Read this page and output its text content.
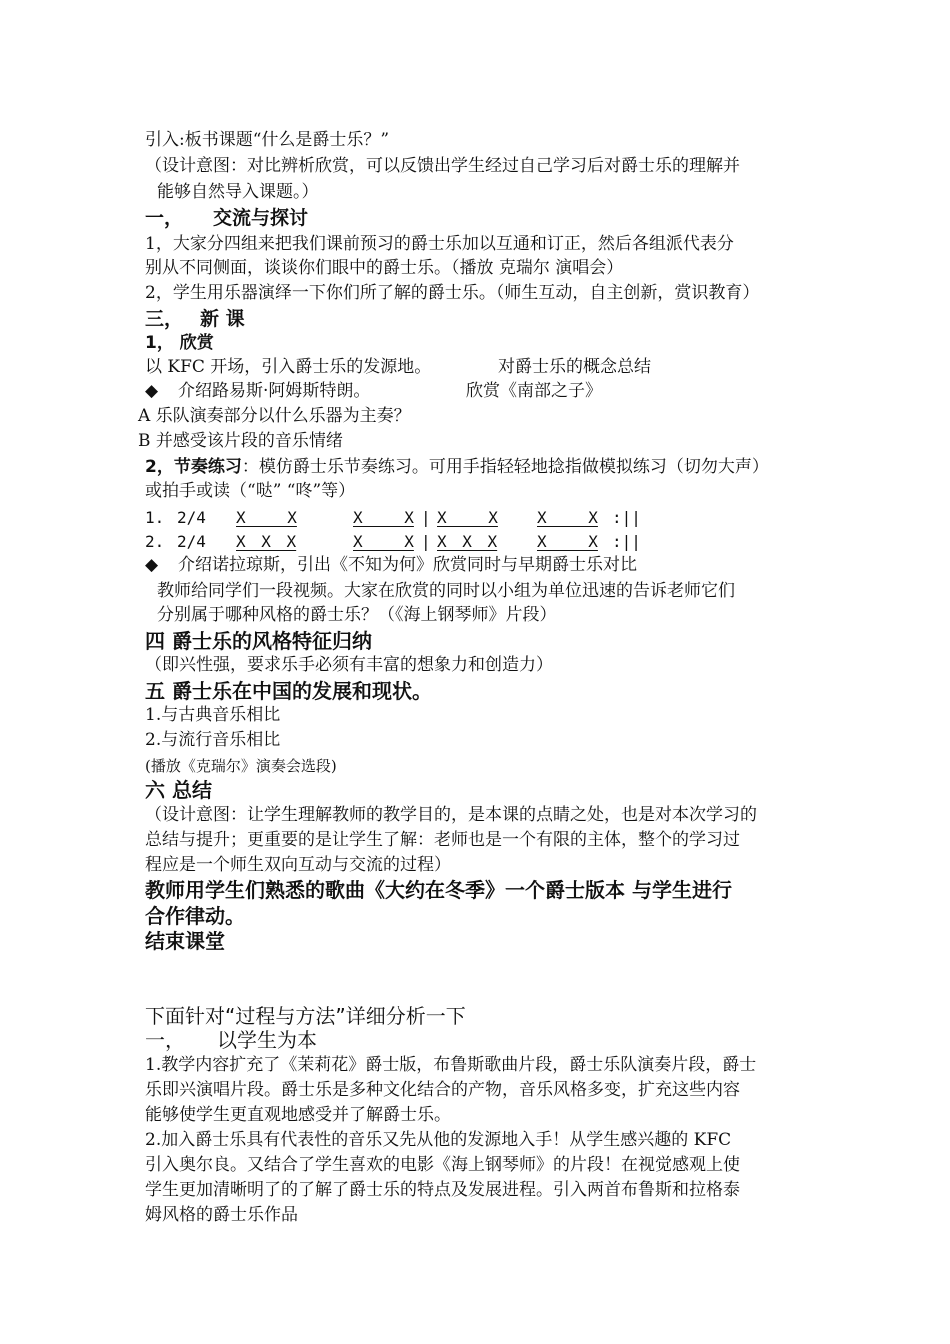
引入:板书课题“什么是爵士乐？”
（设计意图：对比辨析欣赏，可以反馈出学生经过自己学习后对爵士乐的理解并
能够自然导入课题。）
一， 交流与探讨
1，大家分四组来把我们课前预习的爵士乐加以互通和订正，然后各组派代表分
别从不同侧面，谈谈你们眼中的爵士乐。（播放 克瑞尔 演唱会）
2，学生用乐器演绎一下你们所了解的爵士乐。（师生互动，自主创新，赏识教育）
三， 新 课
1， 欣赏
以 KFC 开场，引入爵士乐的发源地。	对爵士乐的概念总结
◆ 介绍路易斯·阿姆斯特朗。	欣赏《南部之子》
A 乐队演奏部分以什么乐器为主奏？
B 并感受该片段的音乐情绪
2，节奏练习：模仿爵士乐节奏练习。可用手指轻轻地捻指做模拟练习（切勿大声）
或拍手或读（“哒” “咚”等）
1. 2/4 X X	X X | X X X X :||
2. 2/4 X X X	X X | X X X X X :||
◆ 介绍诺拉琼斯，引出《不知为何》欣赏同时与早期爵士乐对比
教师给同学们一段视频。大家在欣赏的同时以小组为单位迅速的告诉老师它们
分别属于哪种风格的爵士乐？（《海上钢琴师》片段）
四 爵士乐的风格特征归纳
（即兴性强，要求乐手必须有丰富的想象力和创造力）
五 爵士乐在中国的发展和现状。
1.与古典音乐相比
2.与流行音乐相比
(播放《克瑞尔》演奏会选段)
六 总结
（设计意图：让学生理解教师的教学目的，是本课的点睛之处，也是对本次学习的
总结与提升；更重要的是让学生了解：老师也是一个有限的主体，整个的学习过
程应是一个师生双向互动与交流的过程）
教师用学生们熟悉的歌曲《大约在冬季》一个爵士版本 与学生进行
合作律动。
结束课堂
下面针对“过程与方法”详细分析一下
一， 以学生为本
1.教学内容扩充了《茉莉花》爵士版，布鲁斯歌曲片段，爵士乐队演奏片段，爵士
乐即兴演唱片段。爵士乐是多种文化结合的产物，音乐风格多变，扩充这些内容
能够使学生更直观地感受并了解爵士乐。
2.加入爵士乐具有代表性的音乐又先从他的发源地入手！从学生感兴趣的 KFC
引入奥尔良。又结合了学生喜欢的电影《海上钢琴师》的片段！在视觉感观上使
学生更加清晰明了的了解了爵士乐的特点及发展进程。引入两首布鲁斯和拉格泰
姆风格的爵士乐作品
